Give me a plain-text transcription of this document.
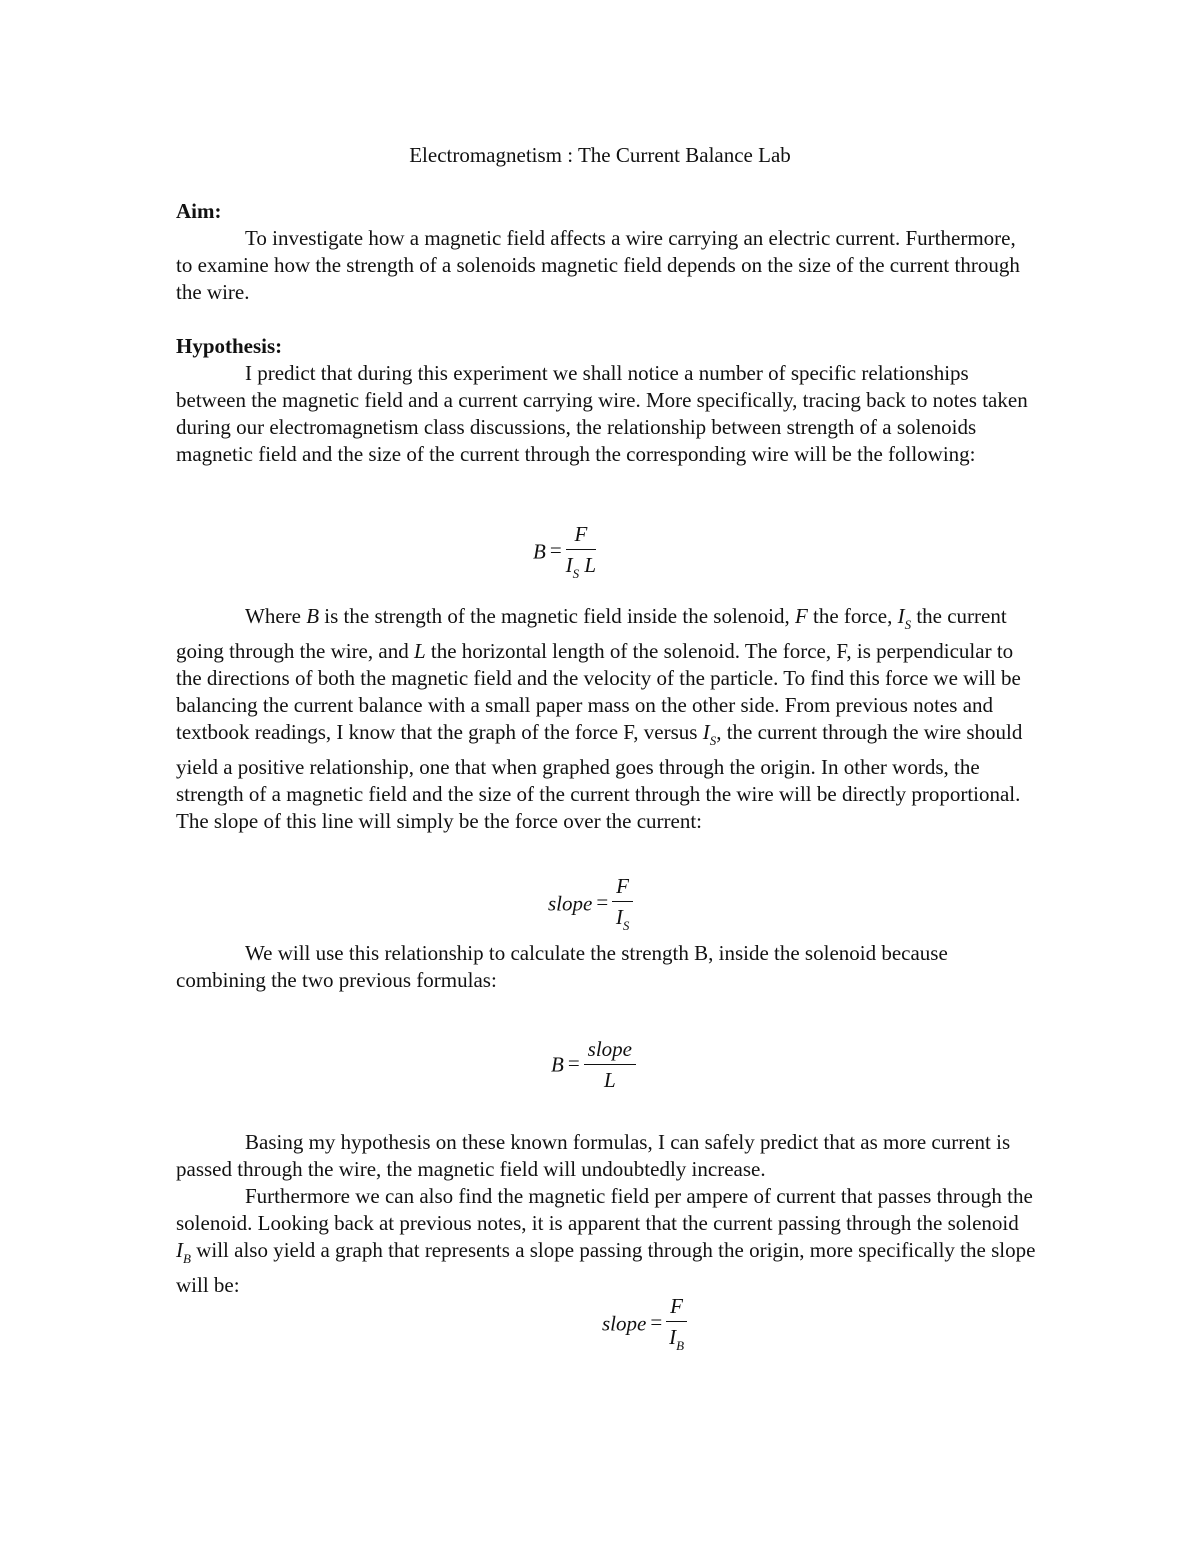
Electromagnetism : The Current Balance Lab

Aim:

To investigate how a magnetic field affects a wire carrying an electric current. Furthermore, to examine how the strength of a solenoids magnetic field depends on the size of the current through the wire.

Hypothesis:

I predict that during this experiment we shall notice a number of specific relationships between the magnetic field and a current carrying wire. More specifically, tracing back to notes taken during our electromagnetism class discussions, the relationship between strength of a solenoids magnetic field and the size of the current through the corresponding wire will be the following:

$B = \frac{F}{I_S L}$

Where B is the strength of the magnetic field inside the solenoid, F the force, $I_S$ the current going through the wire, and L the horizontal length of the solenoid. The force, F, is perpendicular to the directions of both the magnetic field and the velocity of the particle. To find this force we will be balancing the current balance with a small paper mass on the other side. From previous notes and textbook readings, I know that the graph of the force F, versus $I_S$, the current through the wire should yield a positive relationship, one that when graphed goes through the origin. In other words, the strength of a magnetic field and the size of the current through the wire will be directly proportional. The slope of this line will simply be the force over the current:

slope = $\frac{F}{I_S}$

We will use this relationship to calculate the strength B, inside the solenoid because combining the two previous formulas:

$B = \frac{\text{slope}}{L}$

Basing my hypothesis on these known formulas, I can safely predict that as more current is passed through the wire, the magnetic field will undoubtedly increase.

Furthermore we can also find the magnetic field per ampere of current that passes through the solenoid. Looking back at previous notes, it is apparent that the current passing through the solenoid $I_B$ will also yield a graph that represents a slope passing through the origin, more specifically the slope will be:

slope = $\frac{F}{I_B}$
